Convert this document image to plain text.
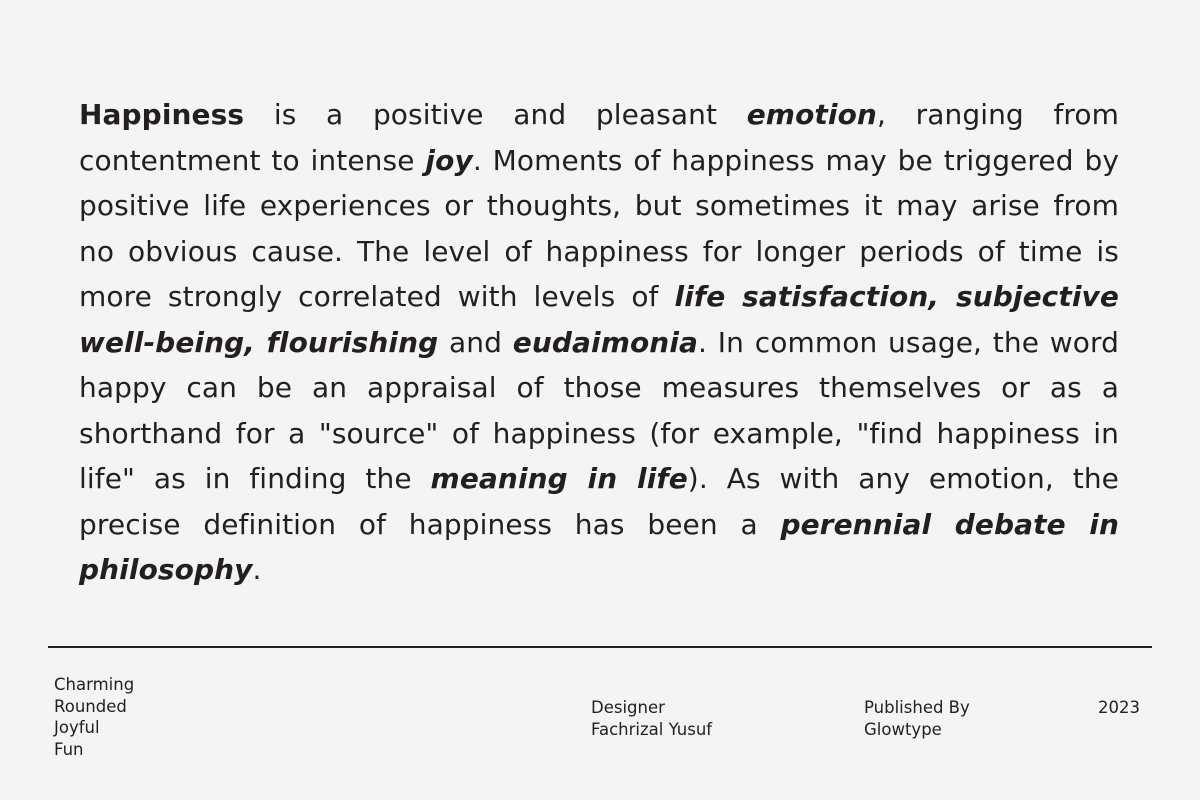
Happiness is a positive and pleasant emotion, ranging from contentment to intense joy. Moments of happiness may be triggered by positive life experiences or thoughts, but sometimes it may arise from no obvious cause. The level of happiness for longer periods of time is more strongly correlated with levels of life satisfaction, subjective well-being, flourishing and eudaimonia. In common usage, the word happy can be an appraisal of those measures themselves or as a shorthand for a "source" of happiness (for example, "find happiness in life" as in finding the meaning in life). As with any emotion, the precise definition of happiness has been a perennial debate in philosophy.

Charming
Rounded
Joyful
Fun
Designer
Fachrizal Yusuf
Published By
Glowtype
2023
